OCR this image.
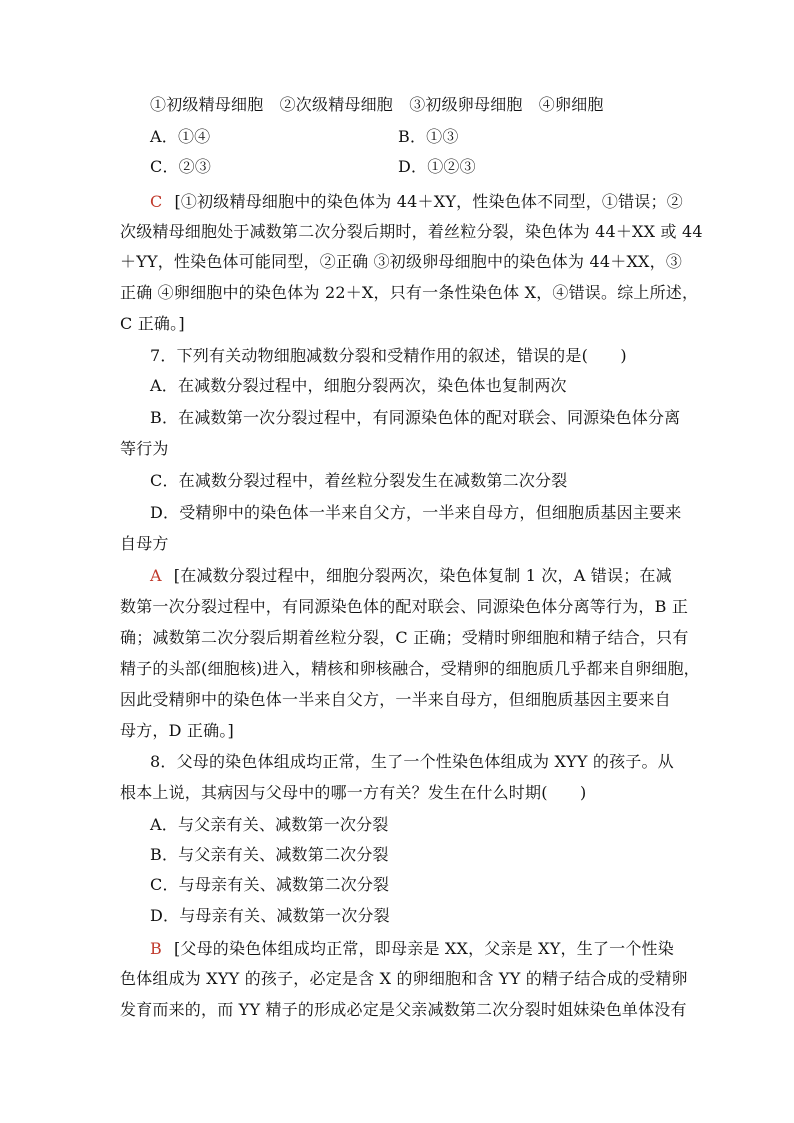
①初级精母细胞　②次级精母细胞　③初级卵母细胞　④卵细胞
A．①④	B．①③
C．②③	D．①②③
C [①初级精母细胞中的染色体为 44＋XY，性染色体不同型，①错误；②
次级精母细胞处于减数第二次分裂后期时，着丝粒分裂，染色体为 44＋XX 或 44
＋YY，性染色体可能同型，②正确 ③初级卵母细胞中的染色体为 44＋XX，③
正确 ④卵细胞中的染色体为 22＋X，只有一条性染色体 X，④错误。综上所述，
C 正确。]
7．下列有关动物细胞减数分裂和受精作用的叙述，错误的是(　　)
A．在减数分裂过程中，细胞分裂两次，染色体也复制两次
B．在减数第一次分裂过程中，有同源染色体的配对联会、同源染色体分离
等行为
C．在减数分裂过程中，着丝粒分裂发生在减数第二次分裂
D．受精卵中的染色体一半来自父方，一半来自母方，但细胞质基因主要来
自母方
A [在减数分裂过程中，细胞分裂两次，染色体复制 1 次，A 错误；在减
数第一次分裂过程中，有同源染色体的配对联会、同源染色体分离等行为，B 正
确；减数第二次分裂后期着丝粒分裂，C 正确；受精时卵细胞和精子结合，只有
精子的头部(细胞核)进入，精核和卵核融合，受精卵的细胞质几乎都来自卵细胞，
因此受精卵中的染色体一半来自父方，一半来自母方，但细胞质基因主要来自
母方，D 正确。]
8．父母的染色体组成均正常，生了一个性染色体组成为 XYY 的孩子。从
根本上说，其病因与父母中的哪一方有关？发生在什么时期(　　)
A．与父亲有关、减数第一次分裂
B．与父亲有关、减数第二次分裂
C．与母亲有关、减数第二次分裂
D．与母亲有关、减数第一次分裂
B [父母的染色体组成均正常，即母亲是 XX，父亲是 XY，生了一个性染
色体组成为 XYY 的孩子，必定是含 X 的卵细胞和含 YY 的精子结合成的受精卵
发育而来的，而 YY 精子的形成必定是父亲减数第二次分裂时姐妹染色单体没有
